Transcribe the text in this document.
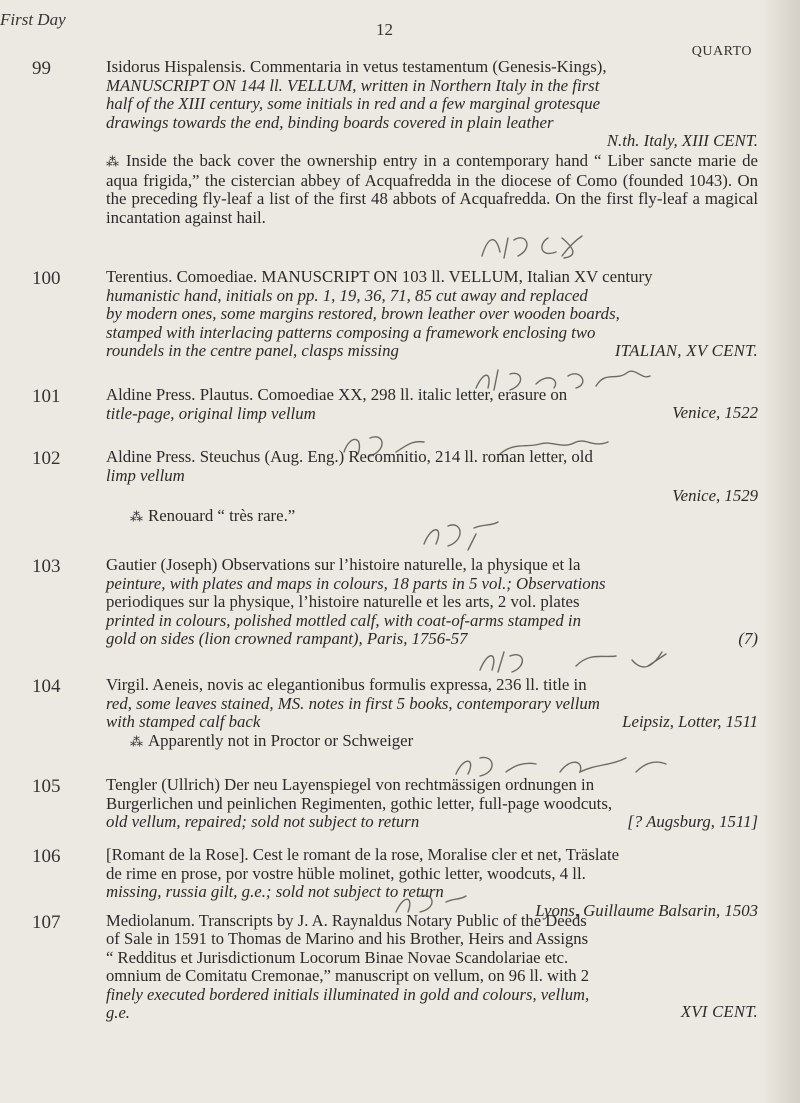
First Day
12
QUARTO
99	Isidorus Hispalensis. Commentaria in vetus testamentum (Genesis-Kings),
MANUSCRIPT ON 144 ll. VELLUM, written in Northern Italy in the first
half of the XIII century, some initials in red and a few marginal grotesque
drawings towards the end, binding boards covered in plain leather
N.th. Italy, XIII CENT.
⁂ Inside the back cover the ownership entry in a contemporary hand “ Liber sancte marie de aqua frigida,” the cistercian abbey of Acquafredda in the diocese of Como (founded 1043). On the preceding fly-leaf a list of the first 48 abbots of Acquafredda. On the first fly-leaf a magical incantation against hail.
100	Terentius. Comoediae. MANUSCRIPT ON 103 ll. VELLUM, Italian XV century
humanistic hand, initials on pp. 1, 19, 36, 71, 85 cut away and replaced
by modern ones, some margins restored, brown leather over wooden boards,
stamped with interlacing patterns composing a framework enclosing two
roundels in the centre panel, clasps missing	ITALIAN, XV CENT.
101	Aldine Press. Plautus. Comoediae XX, 298 ll. italic letter, erasure on
title-page, original limp vellum	Venice, 1522
102	Aldine Press. Steuchus (Aug. Eng.) Recomnitio, 214 ll. roman letter, old
limp vellum
Venice, 1529
⁂ Renouard “ très rare.”
103	Gautier (Joseph) Observations sur l’histoire naturelle, la physique et la
peinture, with plates and maps in colours, 18 parts in 5 vol.; Observations
periodiques sur la physique, l’histoire naturelle et les arts, 2 vol. plates
printed in colours, polished mottled calf, with coat-of-arms stamped in
gold on sides (lion crowned rampant), Paris, 1756-57	(7)
104	Virgil. Aeneis, novis ac elegantionibus formulis expressa, 236 ll. title in
red, some leaves stained, MS. notes in first 5 books, contemporary vellum
with stamped calf back	Leipsiz, Lotter, 1511
⁂ Apparently not in Proctor or Schweiger
105	Tengler (Ullrich) Der neu Layenspiegel von rechtmässigen ordnungen in
Burgerlichen und peinlichen Regimenten, gothic letter, full-page woodcuts,
old vellum, repaired; sold not subject to return	[? Augsburg, 1511]
106	[Romant de la Rose]. Cest le romant de la rose, Moralise cler et net, Träslate
de rime en prose, por vostre hüble molinet, gothic letter, woodcuts, 4 ll.
missing, russia gilt, g.e.; sold not subject to return
Lyons, Guillaume Balsarin, 1503
107	Mediolanum. Transcripts by J. A. Raynaldus Notary Public of the Deeds
of Sale in 1591 to Thomas de Marino and his Brother, Heirs and Assigns
“ Redditus et Jurisdictionum Locorum Binae Novae Scandolariae etc.
omnium de Comitatu Cremonae,” manuscript on vellum, on 96 ll. with 2
finely executed bordered initials illuminated in gold and colours, vellum,
g.e.	XVI CENT.
